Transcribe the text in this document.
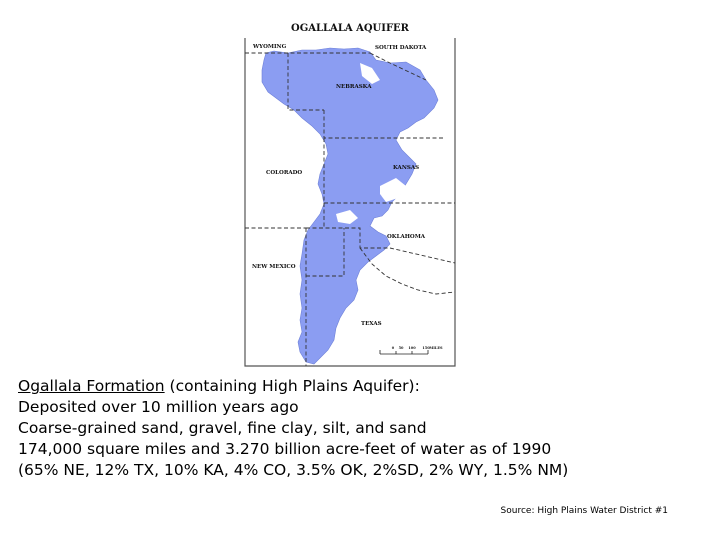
OGALLALA AQUIFER
WYOMING	SOUTH DAKOTA
NEBRASKA
COLORADO
KANSAS
OKLAHOMA
NEW MEXICO
TEXAS
0 50 100 150 MILES
Ogallala Formation (containing High Plains Aquifer):
Deposited over 10 million years ago
Coarse-grained sand, gravel, fine clay, silt, and sand
174,000 square miles and 3.270 billion acre-feet of water as of 1990
(65% NE, 12% TX, 10% KA, 4% CO, 3.5% OK, 2%SD, 2% WY, 1.5% NM)
Source: High Plains Water District #1
